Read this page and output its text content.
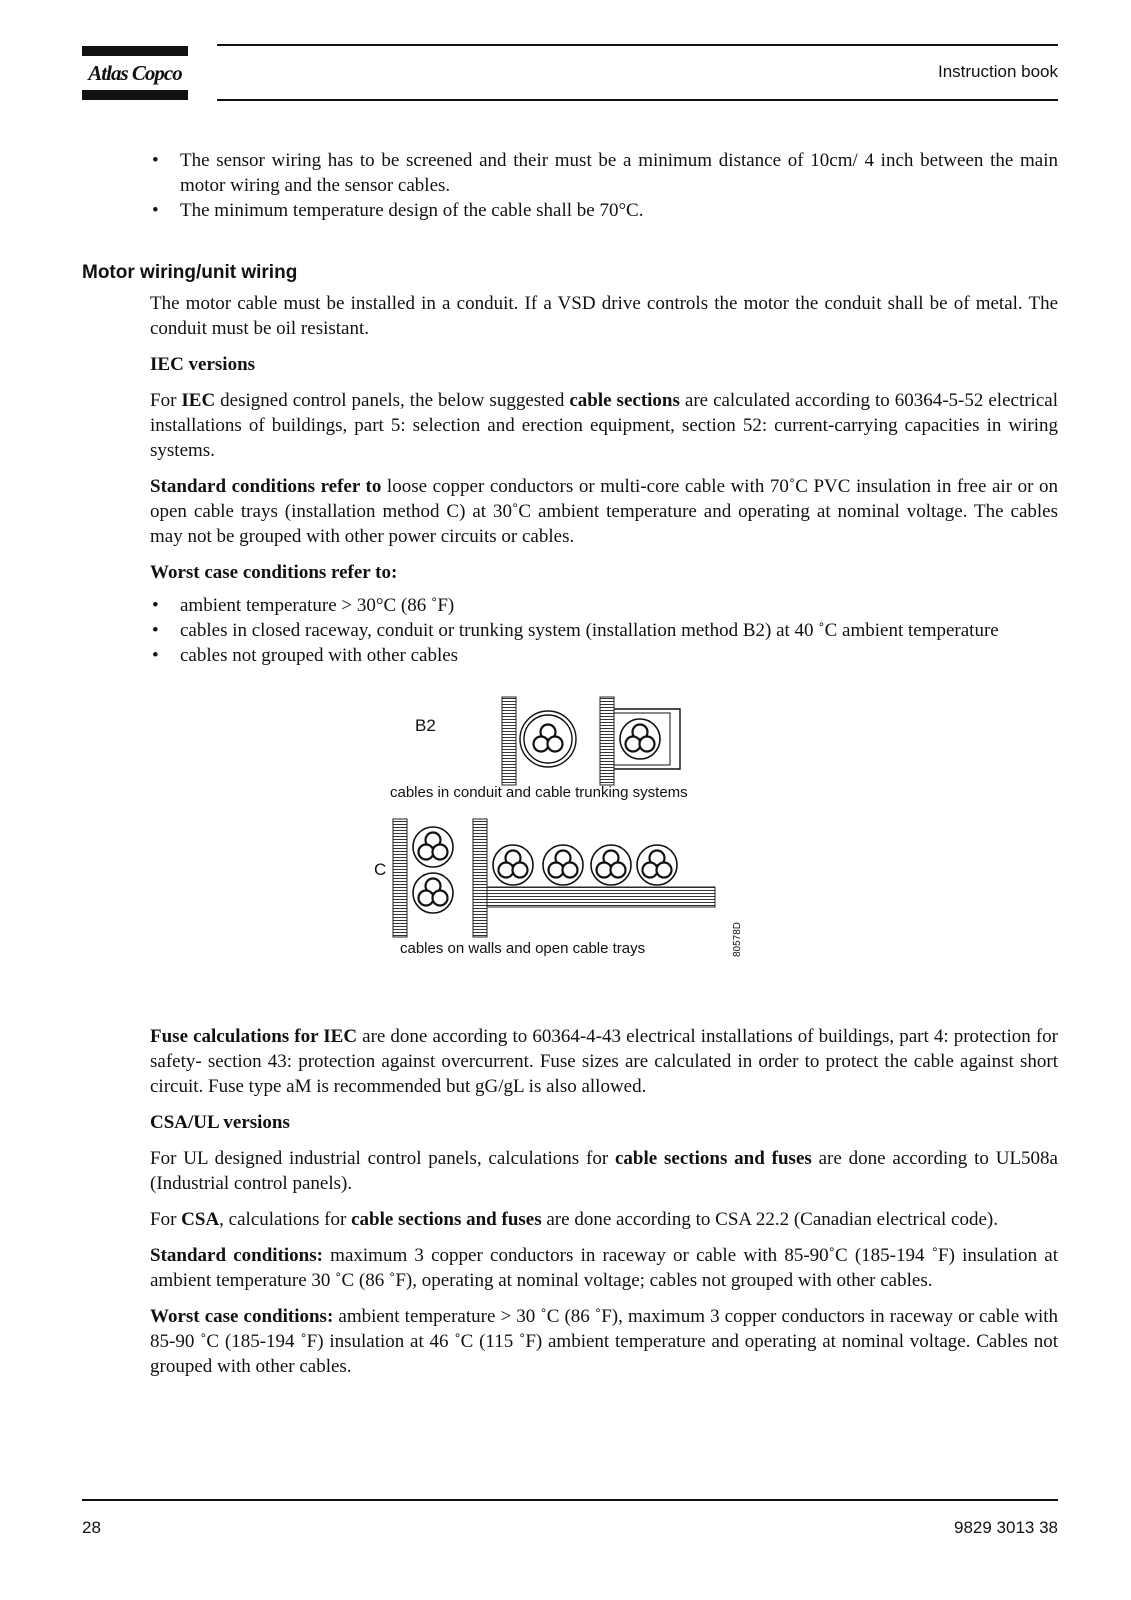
Atlas Copco	Instruction book
• The sensor wiring has to be screened and their must be a minimum distance of 10cm/ 4 inch between the main motor wiring and the sensor cables.
• The minimum temperature design of the cable shall be 70°C.
Motor wiring/unit wiring

The motor cable must be installed in a conduit. If a VSD drive controls the motor the conduit shall be of metal. The conduit must be oil resistant.

IEC versions

For IEC designed control panels, the below suggested cable sections are calculated according to 60364-5-52 electrical installations of buildings, part 5: selection and erection equipment, section 52: current-carrying capacities in wiring systems.

Standard conditions refer to loose copper conductors or multi-core cable with 70˚C PVC insulation in free air or on open cable trays (installation method C) at 30˚C ambient temperature and operating at nominal voltage. The cables may not be grouped with other power circuits or cables.

Worst case conditions refer to:

• ambient temperature > 30°C (86 ˚F)
• cables in closed raceway, conduit or trunking system (installation method B2) at 40 ˚C ambient temperature
• cables not grouped with other cables
B2
cables in conduit and cable trunking systems
C
cables on walls and open cable trays	80578D

Fuse calculations for IEC are done according to 60364-4-43 electrical installations of buildings, part 4: protection for safety- section 43: protection against overcurrent. Fuse sizes are calculated in order to protect the cable against short circuit. Fuse type aM is recommended but gG/gL is also allowed.

CSA/UL versions

For UL designed industrial control panels, calculations for cable sections and fuses are done according to UL508a (Industrial control panels).

For CSA, calculations for cable sections and fuses are done according to CSA 22.2 (Canadian electrical code).

Standard conditions: maximum 3 copper conductors in raceway or cable with 85-90˚C (185-194 ˚F) insulation at ambient temperature 30 ˚C (86 ˚F), operating at nominal voltage; cables not grouped with other cables.

Worst case conditions: ambient temperature > 30 ˚C (86 ˚F), maximum 3 copper conductors in raceway or cable with 85-90 ˚C (185-194 ˚F) insulation at 46 ˚C (115 ˚F) ambient temperature and operating at nominal voltage. Cables not grouped with other cables.

28	9829 3013 38
